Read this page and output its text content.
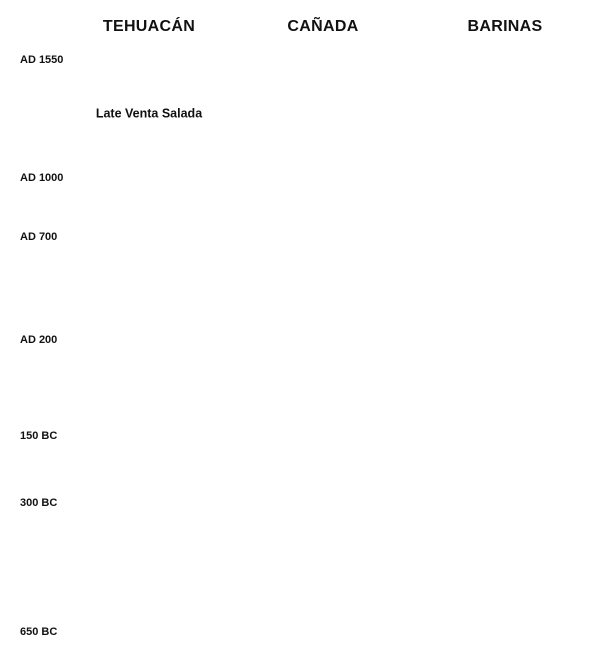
TEHUACÁN	CAÑADA	BARINAS
AD 1550
AD 1000
AD 700
AD 200
150 BC
300 BC
650 BC
Late Venta Salada
